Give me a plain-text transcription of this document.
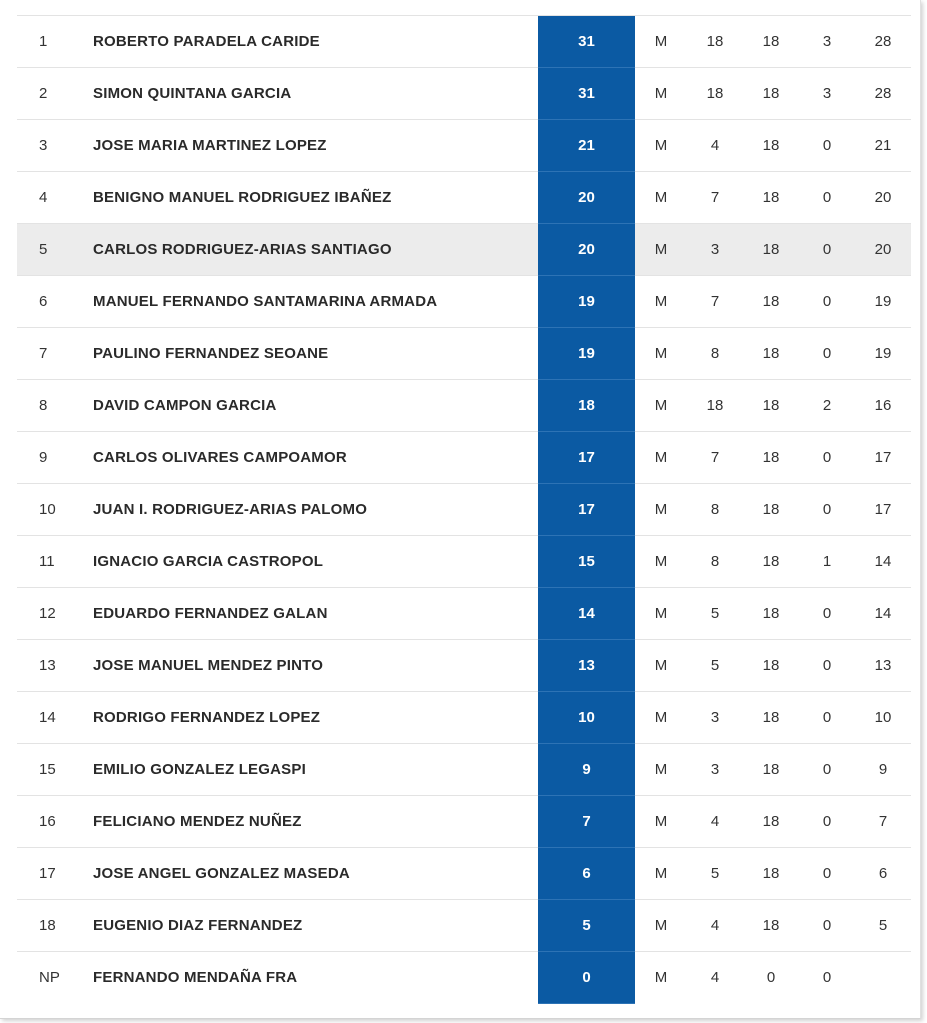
1	ROBERTO PARADELA CARIDE	31	M	18	18	3	28
2	SIMON QUINTANA GARCIA	31	M	18	18	3	28
3	JOSE MARIA MARTINEZ LOPEZ	21	M	4	18	0	21
4	BENIGNO MANUEL RODRIGUEZ IBAÑEZ	20	M	7	18	0	20
5	CARLOS RODRIGUEZ-ARIAS SANTIAGO	20	M	3	18	0	20
6	MANUEL FERNANDO SANTAMARINA ARMADA	19	M	7	18	0	19
7	PAULINO FERNANDEZ SEOANE	19	M	8	18	0	19
8	DAVID CAMPON GARCIA	18	M	18	18	2	16
9	CARLOS OLIVARES CAMPOAMOR	17	M	7	18	0	17
10	JUAN I. RODRIGUEZ-ARIAS PALOMO	17	M	8	18	0	17
11	IGNACIO GARCIA CASTROPOL	15	M	8	18	1	14
12	EDUARDO FERNANDEZ GALAN	14	M	5	18	0	14
13	JOSE MANUEL MENDEZ PINTO	13	M	5	18	0	13
14	RODRIGO FERNANDEZ LOPEZ	10	M	3	18	0	10
15	EMILIO GONZALEZ LEGASPI	9	M	3	18	0	9
16	FELICIANO MENDEZ NUÑEZ	7	M	4	18	0	7
17	JOSE ANGEL GONZALEZ MASEDA	6	M	5	18	0	6
18	EUGENIO DIAZ FERNANDEZ	5	M	4	18	0	5
NP	FERNANDO MENDAÑA FRA	0	M	4	0	0	
